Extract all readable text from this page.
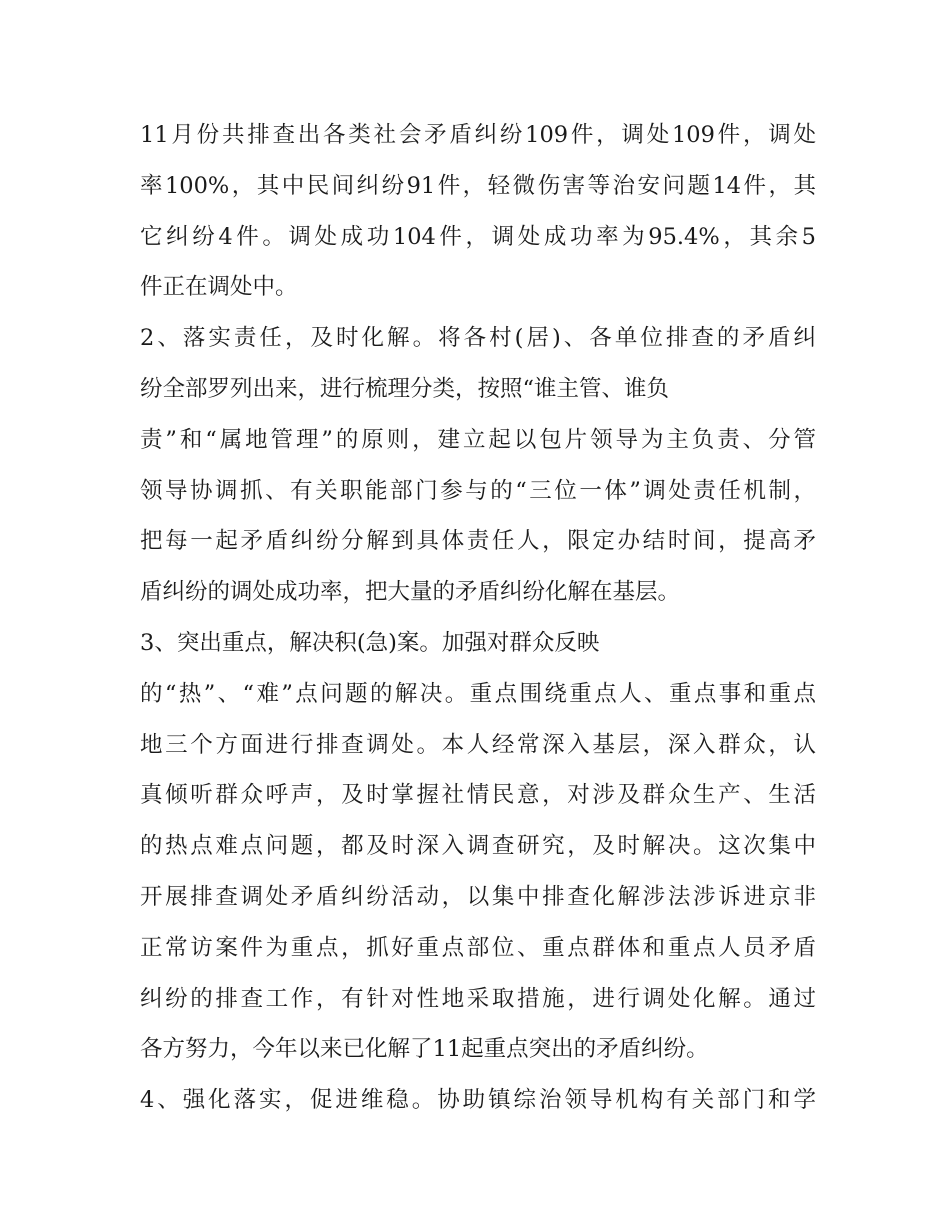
11月份共排查出各类社会矛盾纠纷109件，调处109件，调处
率100%，其中民间纠纷91件，轻微伤害等治安问题14件，其
它纠纷4件。调处成功104件，调处成功率为95.4%，其余5
件正在调处中。
2、落实责任，及时化解。将各村(居)、各单位排查的矛盾纠
纷全部罗列出来，进行梳理分类，按照“谁主管、谁负
责”和“属地管理”的原则，建立起以包片领导为主负责、分管
领导协调抓、有关职能部门参与的“三位一体”调处责任机制，
把每一起矛盾纠纷分解到具体责任人，限定办结时间，提高矛
盾纠纷的调处成功率，把大量的矛盾纠纷化解在基层。
3、突出重点，解决积(急)案。加强对群众反映
的“热”、“难”点问题的解决。重点围绕重点人、重点事和重点
地三个方面进行排查调处。本人经常深入基层，深入群众，认
真倾听群众呼声，及时掌握社情民意，对涉及群众生产、生活
的热点难点问题，都及时深入调查研究，及时解决。这次集中
开展排查调处矛盾纠纷活动，以集中排查化解涉法涉诉进京非
正常访案件为重点，抓好重点部位、重点群体和重点人员矛盾
纠纷的排查工作，有针对性地采取措施，进行调处化解。通过
各方努力，今年以来已化解了11起重点突出的矛盾纠纷。
4、强化落实，促进维稳。协助镇综治领导机构有关部门和学
